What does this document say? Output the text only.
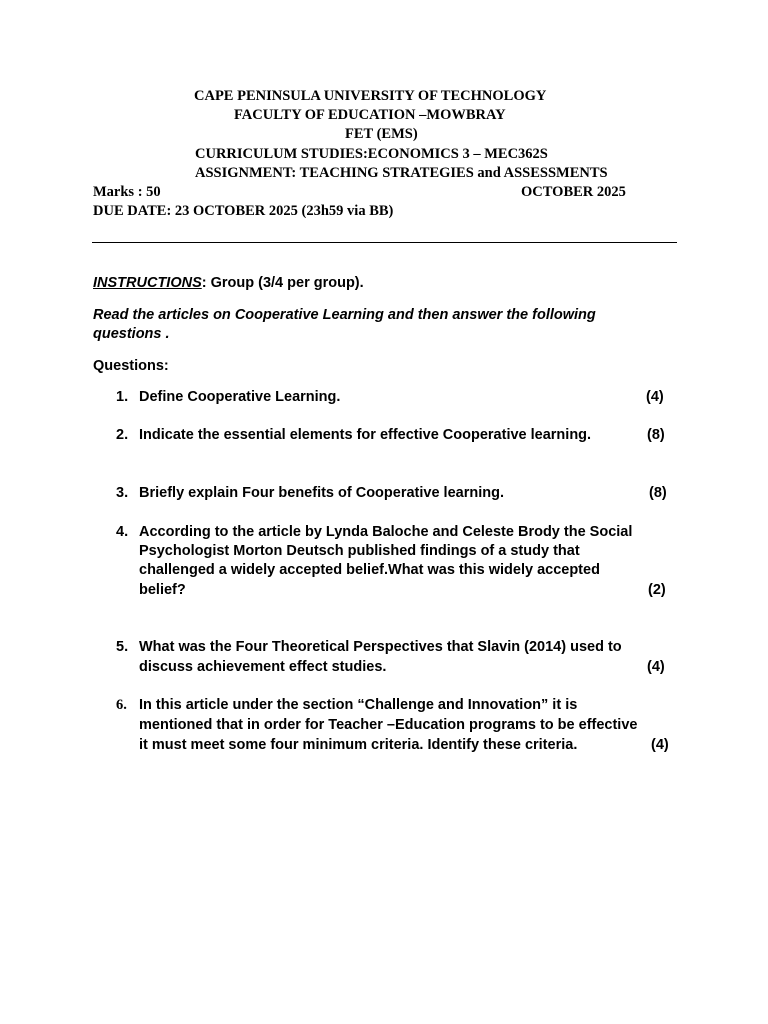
CAPE PENINSULA UNIVERSITY OF TECHNOLOGY
FACULTY OF EDUCATION –MOWBRAY
FET (EMS)
CURRICULUM STUDIES:ECONOMICS 3 – MEC362S
ASSIGNMENT: TEACHING STRATEGIES and ASSESSMENTS
Marks : 50	OCTOBER 2025
DUE DATE: 23 OCTOBER 2025 (23h59 via BB)
INSTRUCTIONS: Group (3/4 per group).
Read the articles on Cooperative Learning and then answer the following
questions .
Questions:
1. Define Cooperative Learning.	(4)
2. Indicate the essential elements for effective Cooperative learning.	(8)
3. Briefly explain Four benefits of Cooperative learning.	(8)
4. According to the article by Lynda Baloche and Celeste Brody the Social
Psychologist Morton Deutsch published findings of a study that
challenged a widely accepted belief.What was this widely accepted
belief?	(2)
5. What was the Four Theoretical Perspectives that Slavin (2014) used to
discuss achievement effect studies.	(4)
6. In this article under the section “Challenge and Innovation” it is
mentioned that in order for Teacher –Education programs to be effective
it must meet some four minimum criteria. Identify these criteria.	(4)
